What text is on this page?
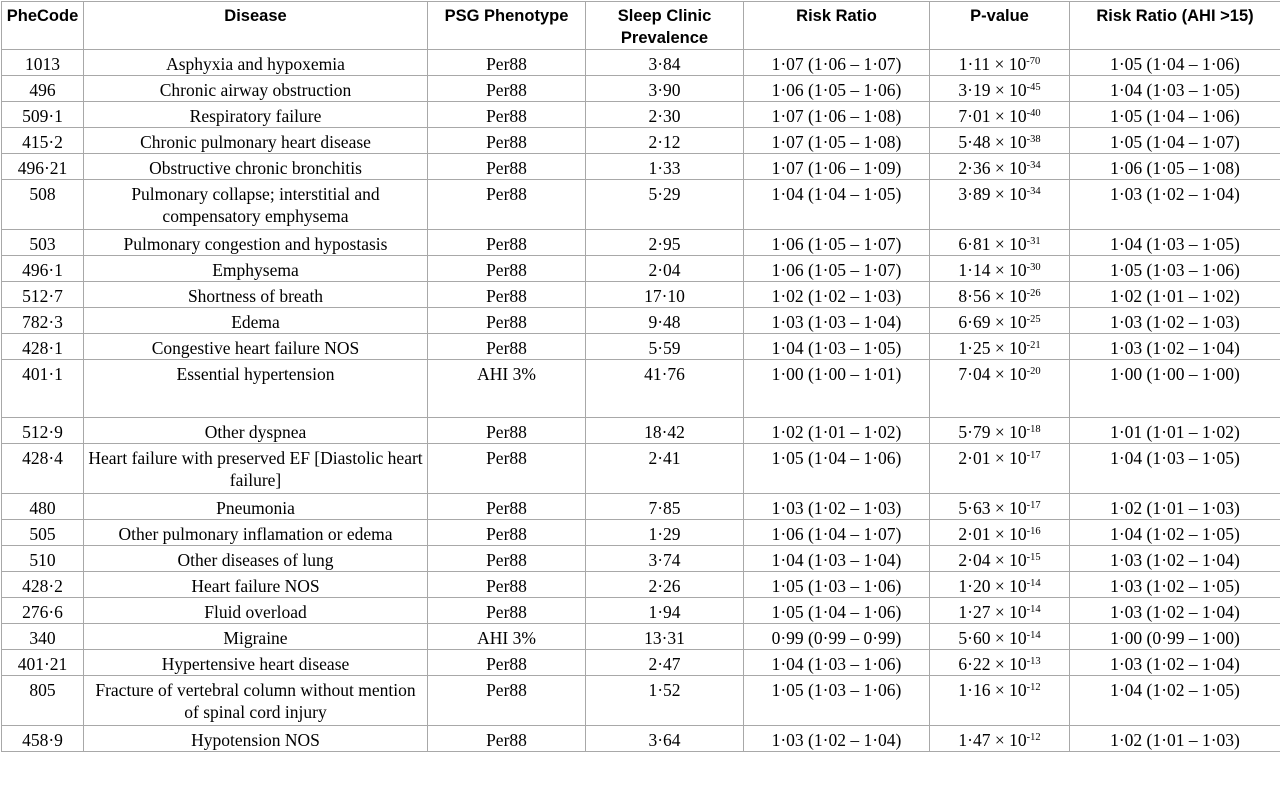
PheCode	Disease	PSG Phenotype	Sleep Clinic Prevalence	Risk Ratio	P-value	Risk Ratio (AHI >15)
1013	Asphyxia and hypoxemia	Per88	3·84	1·07 (1·06 – 1·07)	$1\cdot 11 \times 10^{-70}$	1·05 (1·04 – 1·06)
496	Chronic airway obstruction	Per88	3·90	1·06 (1·05 – 1·06)	$3\cdot 19 \times 10^{-45}$	1·04 (1·03 – 1·05)
509·1	Respiratory failure	Per88	2·30	1·07 (1·06 – 1·08)	$7\cdot 01 \times 10^{-40}$	1·05 (1·04 – 1·06)
415·2	Chronic pulmonary heart disease	Per88	2·12	1·07 (1·05 – 1·08)	$5\cdot 48 \times 10^{-38}$	1·05 (1·04 – 1·07)
496·21	Obstructive chronic bronchitis	Per88	1·33	1·07 (1·06 – 1·09)	$2\cdot 36 \times 10^{-34}$	1·06 (1·05 – 1·08)
508	Pulmonary collapse; interstitial and compensatory emphysema	Per88	5·29	1·04 (1·04 – 1·05)	$3\cdot 89 \times 10^{-34}$	1·03 (1·02 – 1·04)
503	Pulmonary congestion and hypostasis	Per88	2·95	1·06 (1·05 – 1·07)	$6\cdot 81 \times 10^{-31}$	1·04 (1·03 – 1·05)
496·1	Emphysema	Per88	2·04	1·06 (1·05 – 1·07)	$1\cdot 14 \times 10^{-30}$	1·05 (1·03 – 1·06)
512·7	Shortness of breath	Per88	17·10	1·02 (1·02 – 1·03)	$8\cdot 56 \times 10^{-26}$	1·02 (1·01 – 1·02)
782·3	Edema	Per88	9·48	1·03 (1·03 – 1·04)	$6\cdot 69 \times 10^{-25}$	1·03 (1·02 – 1·03)
428·1	Congestive heart failure NOS	Per88	5·59	1·04 (1·03 – 1·05)	$1\cdot 25 \times 10^{-21}$	1·03 (1·02 – 1·04)
401·1	Essential hypertension	AHI 3%	41·76	1·00 (1·00 – 1·01)	$7\cdot 04 \times 10^{-20}$	1·00 (1·00 – 1·00)
512·9	Other dyspnea	Per88	18·42	1·02 (1·01 – 1·02)	$5\cdot 79 \times 10^{-18}$	1·01 (1·01 – 1·02)
428·4	Heart failure with preserved EF [Diastolic heart failure]	Per88	2·41	1·05 (1·04 – 1·06)	$2\cdot 01 \times 10^{-17}$	1·04 (1·03 – 1·05)
480	Pneumonia	Per88	7·85	1·03 (1·02 – 1·03)	$5\cdot 63 \times 10^{-17}$	1·02 (1·01 – 1·03)
505	Other pulmonary inflamation or edema	Per88	1·29	1·06 (1·04 – 1·07)	$2\cdot 01 \times 10^{-16}$	1·04 (1·02 – 1·05)
510	Other diseases of lung	Per88	3·74	1·04 (1·03 – 1·04)	$2\cdot 04 \times 10^{-15}$	1·03 (1·02 – 1·04)
428·2	Heart failure NOS	Per88	2·26	1·05 (1·03 – 1·06)	$1\cdot 20 \times 10^{-14}$	1·03 (1·02 – 1·05)
276·6	Fluid overload	Per88	1·94	1·05 (1·04 – 1·06)	$1\cdot 27 \times 10^{-14}$	1·03 (1·02 – 1·04)
340	Migraine	AHI 3%	13·31	0·99 (0·99 – 0·99)	$5\cdot 60 \times 10^{-14}$	1·00 (0·99 – 1·00)
401·21	Hypertensive heart disease	Per88	2·47	1·04 (1·03 – 1·06)	$6\cdot 22 \times 10^{-13}$	1·03 (1·02 – 1·04)
805	Fracture of vertebral column without mention of spinal cord injury	Per88	1·52	1·05 (1·03 – 1·06)	$1\cdot 16 \times 10^{-12}$	1·04 (1·02 – 1·05)
458·9	Hypotension NOS	Per88	3·64	1·03 (1·02 – 1·04)	$1\cdot 47 \times 10^{-12}$	1·02 (1·01 – 1·03)
